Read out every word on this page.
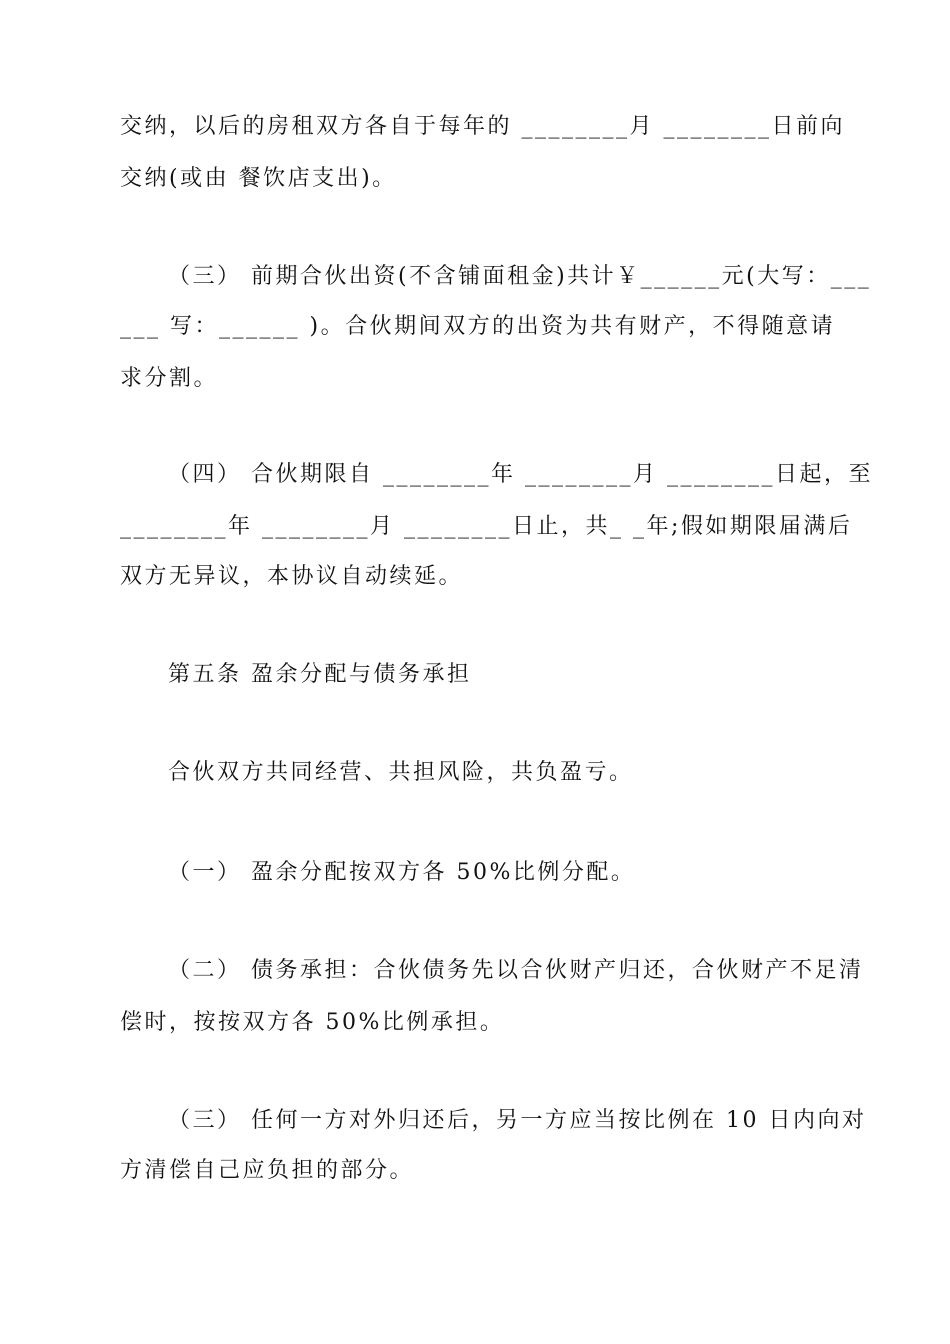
交纳，以后的房租双方各自于每年的 ________月 ________日前向
交纳(或由 餐饮店支出)。
（三） 前期合伙出资(不含铺面租金)共计￥______元(大写：___
___ 写：______ )。合伙期间双方的出资为共有财产，不得随意请
求分割。
（四） 合伙期限自 ________年 ________月 ________日起，至
________年 ________月 ________日止，共_ _年;假如期限届满后
双方无异议，本协议自动续延。
第五条 盈余分配与债务承担
合伙双方共同经营、共担风险，共负盈亏。
（一） 盈余分配按双方各 50%比例分配。
（二） 债务承担：合伙债务先以合伙财产归还，合伙财产不足清
偿时，按按双方各 50%比例承担。
（三） 任何一方对外归还后，另一方应当按比例在 10 日内向对
方清偿自己应负担的部分。
